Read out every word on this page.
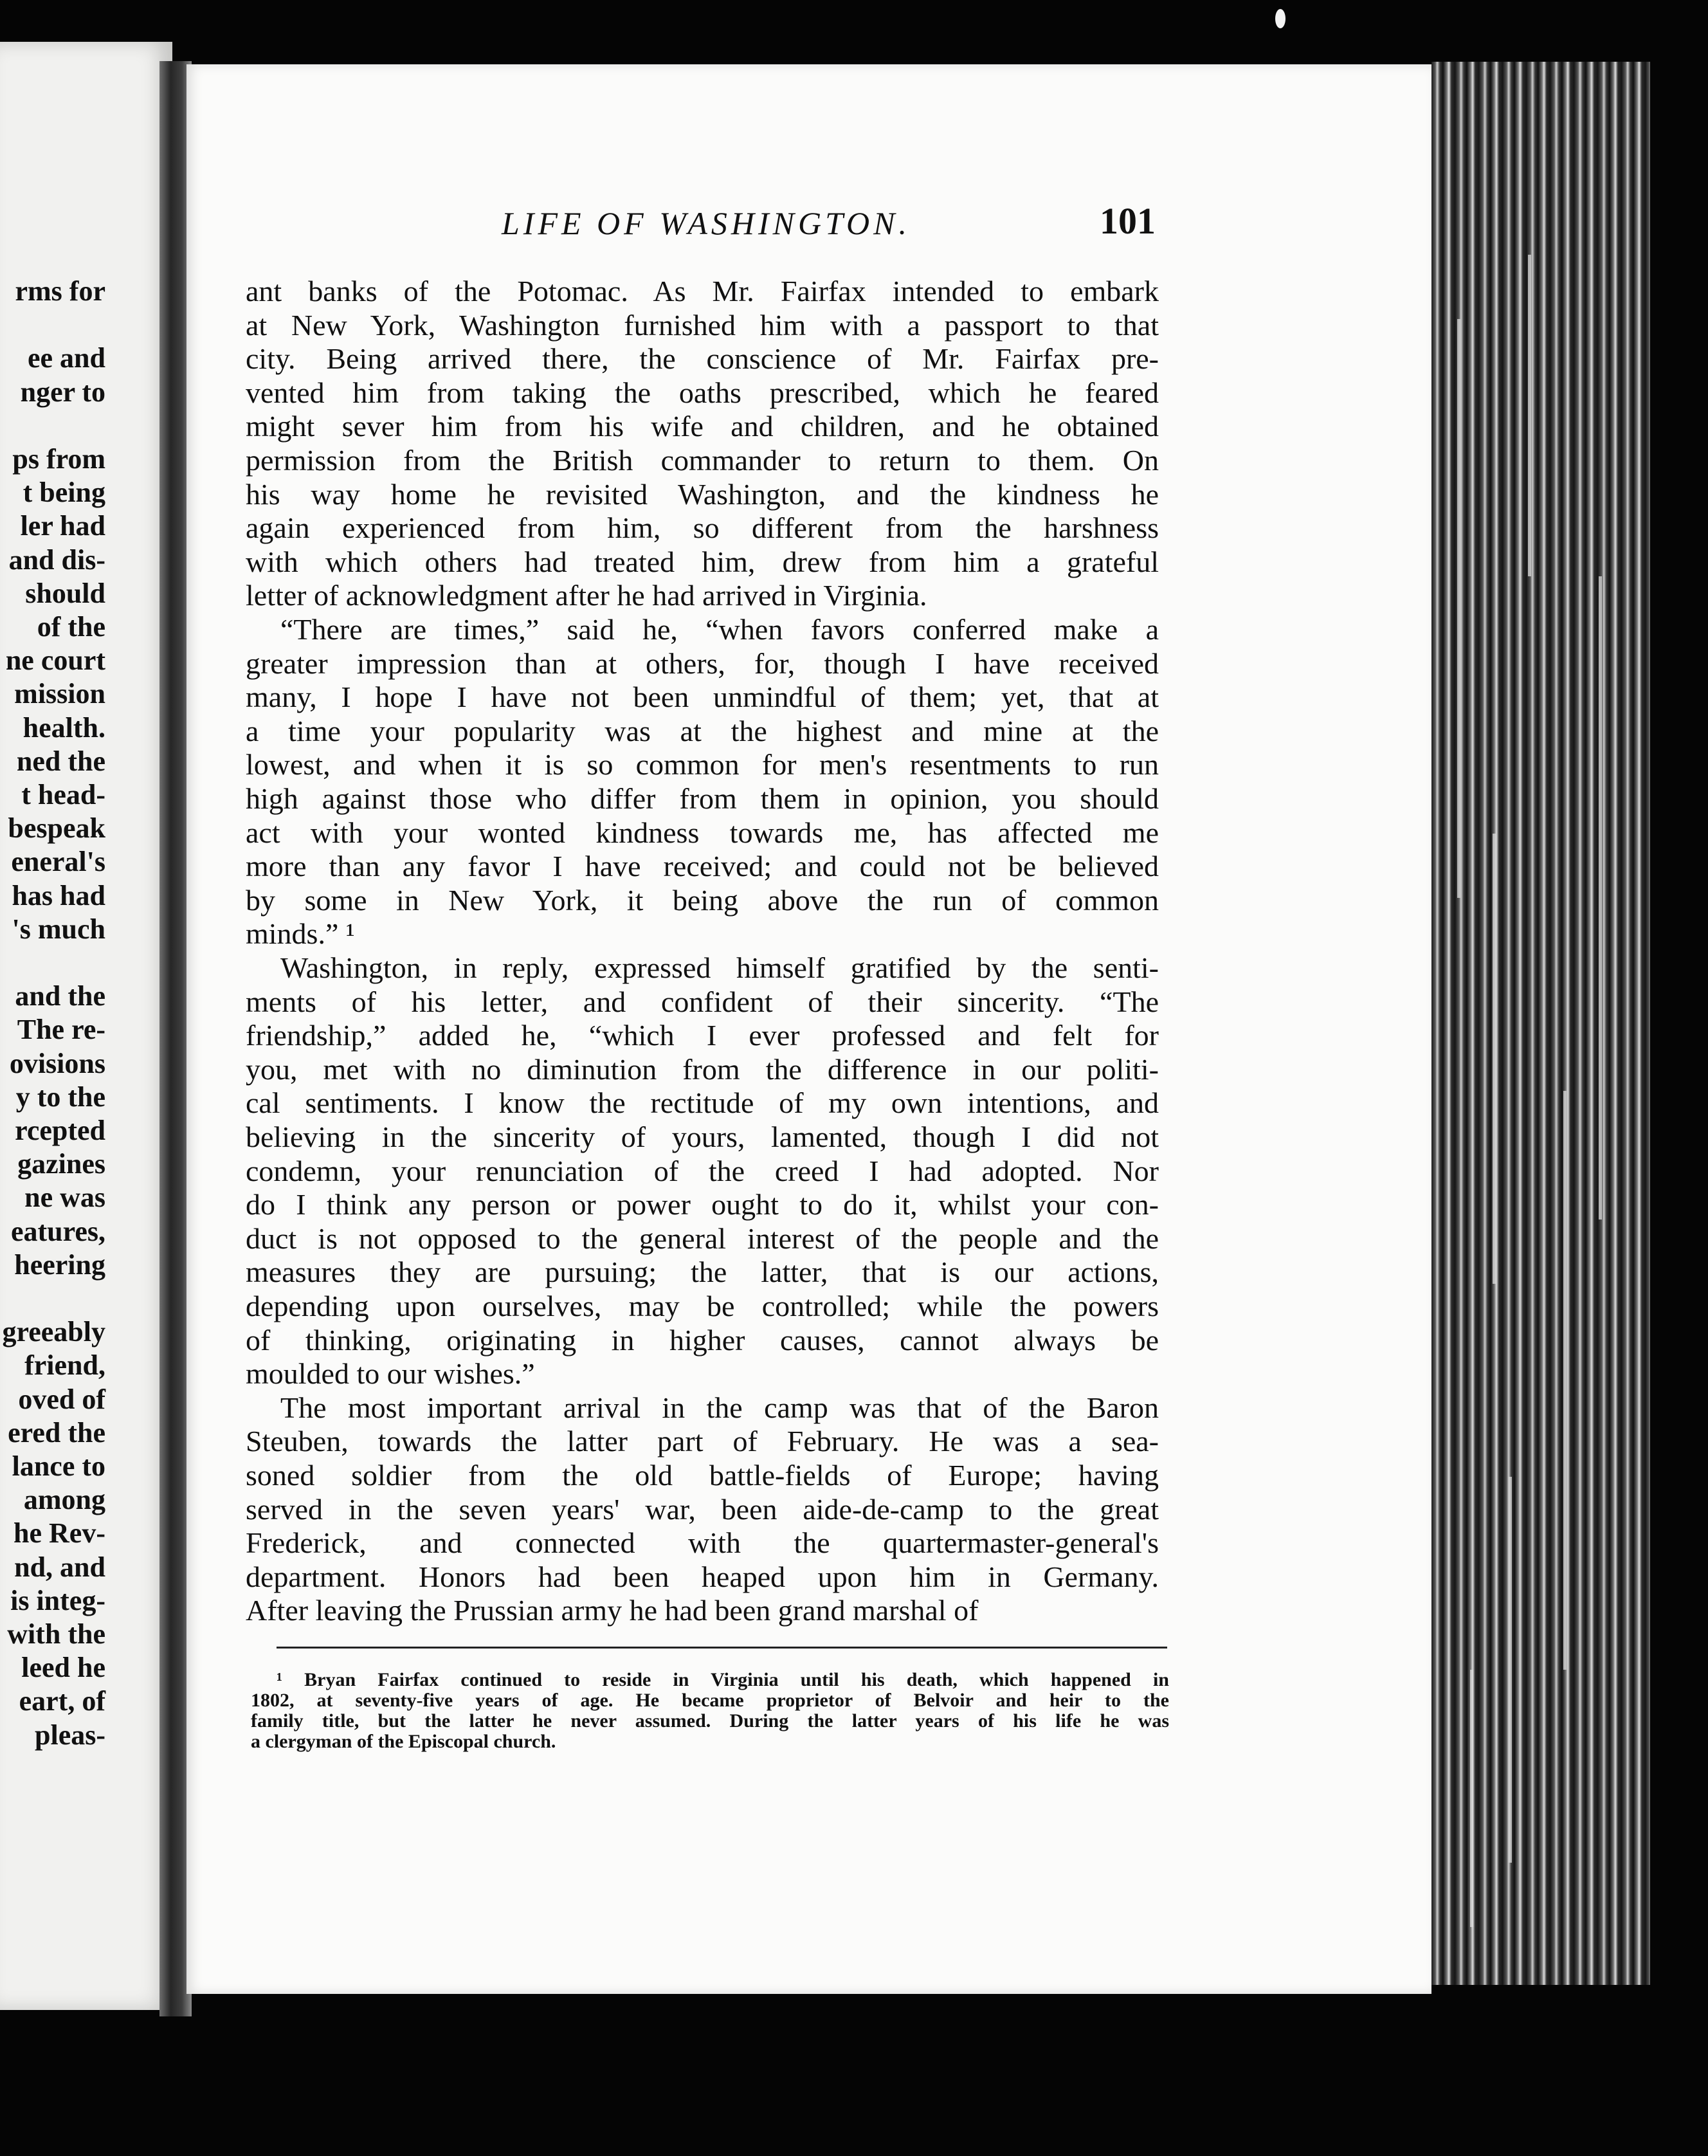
rms for
ee and
nger to
ps from
t being
ler had
and dis-
should
of the
ne court
mission
health.
ned the
t head-
bespeak
eneral's
has had
's much
and the
The re-
ovisions
y to the
rcepted
gazines
ne was
eatures,
heering
greeably
friend,
oved of
ered the
lance to
among
he Rev-
nd, and
is integ-
with the
leed he
eart, of
pleas-
LIFE OF WASHINGTON.	101
ant banks of the Potomac. As Mr. Fairfax intended to embark
at New York, Washington furnished him with a passport to that
city. Being arrived there, the conscience of Mr. Fairfax pre-
vented him from taking the oaths prescribed, which he feared
might sever him from his wife and children, and he obtained
permission from the British commander to return to them. On
his way home he revisited Washington, and the kindness he
again experienced from him, so different from the harshness
with which others had treated him, drew from him a grateful
letter of acknowledgment after he had arrived in Virginia.
“There are times,” said he, “when favors conferred make a
greater impression than at others, for, though I have received
many, I hope I have not been unmindful of them; yet, that at
a time your popularity was at the highest and mine at the
lowest, and when it is so common for men's resentments to run
high against those who differ from them in opinion, you should
act with your wonted kindness towards me, has affected me
more than any favor I have received; and could not be believed
by some in New York, it being above the run of common
minds.” ¹
Washington, in reply, expressed himself gratified by the senti-
ments of his letter, and confident of their sincerity. “The
friendship,” added he, “which I ever professed and felt for
you, met with no diminution from the difference in our politi-
cal sentiments. I know the rectitude of my own intentions, and
believing in the sincerity of yours, lamented, though I did not
condemn, your renunciation of the creed I had adopted. Nor
do I think any person or power ought to do it, whilst your con-
duct is not opposed to the general interest of the people and the
measures they are pursuing; the latter, that is our actions,
depending upon ourselves, may be controlled; while the powers
of thinking, originating in higher causes, cannot always be
moulded to our wishes.”
The most important arrival in the camp was that of the Baron
Steuben, towards the latter part of February. He was a sea-
soned soldier from the old battle-fields of Europe; having
served in the seven years' war, been aide-de-camp to the great
Frederick, and connected with the quartermaster-general's
department. Honors had been heaped upon him in Germany.
After leaving the Prussian army he had been grand marshal of
¹ Bryan Fairfax continued to reside in Virginia until his death, which happened in
1802, at seventy-five years of age. He became proprietor of Belvoir and heir to the
family title, but the latter he never assumed. During the latter years of his life he was
a clergyman of the Episcopal church.
